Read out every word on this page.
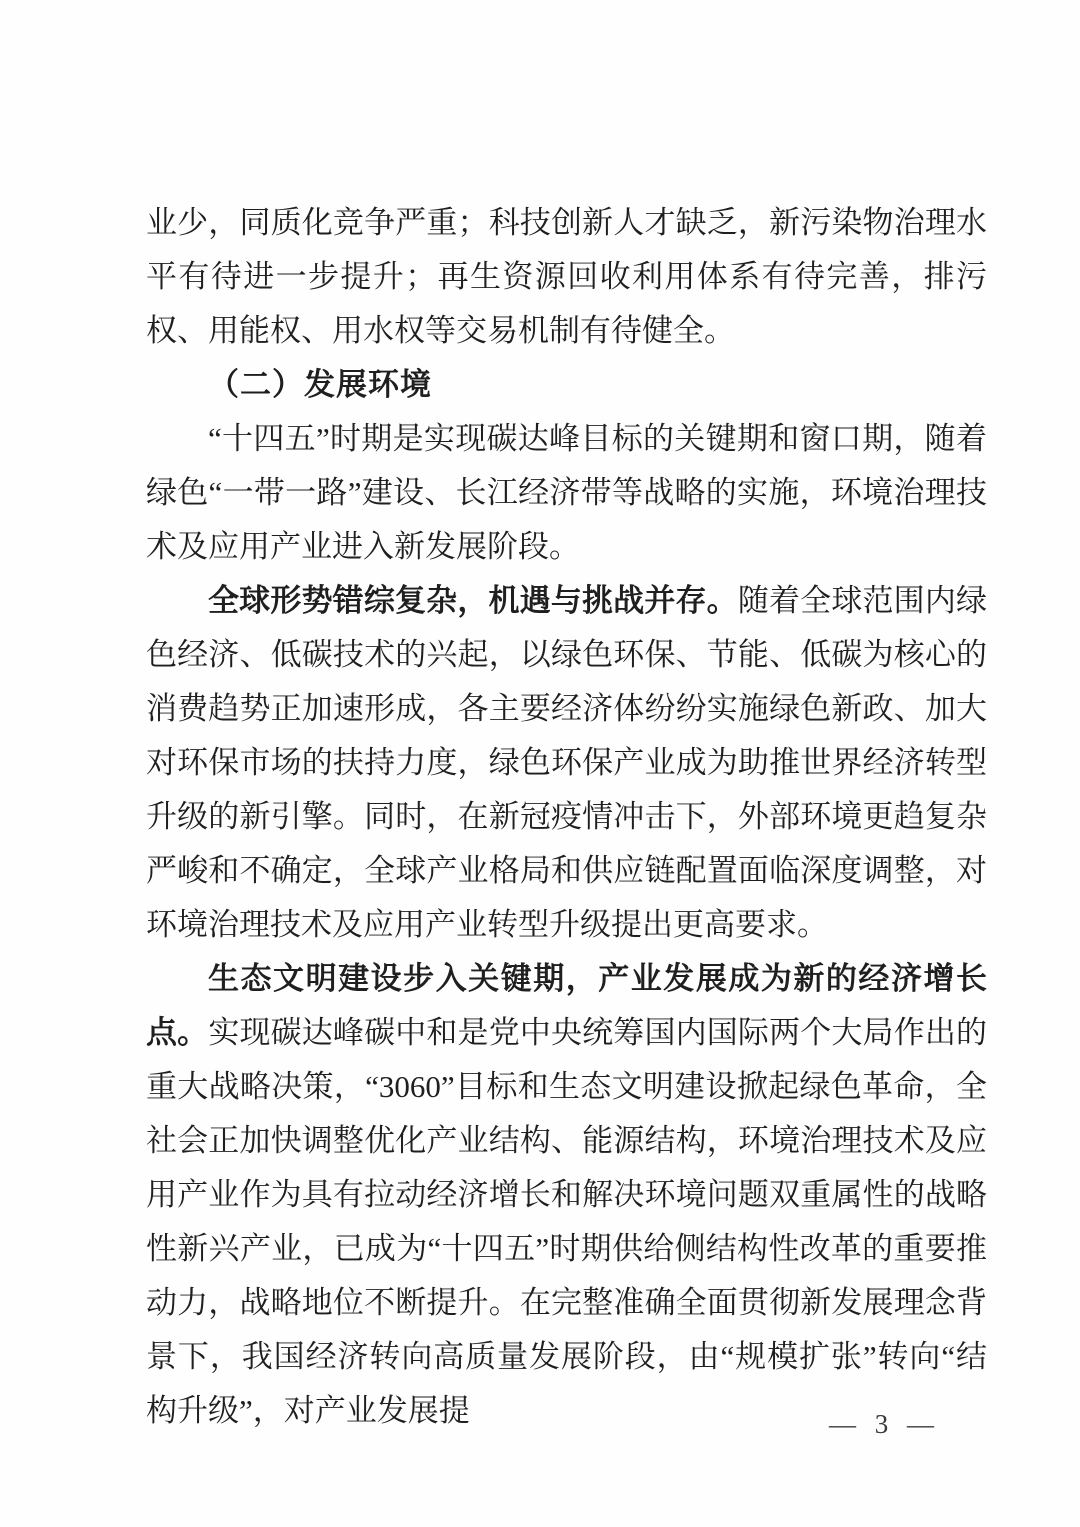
业少，同质化竞争严重；科技创新人才缺乏，新污染物治理水平有待进一步提升；再生资源回收利用体系有待完善，排污权、用能权、用水权等交易机制有待健全。

（二）发展环境

“十四五”时期是实现碳达峰目标的关键期和窗口期，随着绿色“一带一路”建设、长江经济带等战略的实施，环境治理技术及应用产业进入新发展阶段。

全球形势错综复杂，机遇与挑战并存。随着全球范围内绿色经济、低碳技术的兴起，以绿色环保、节能、低碳为核心的消费趋势正加速形成，各主要经济体纷纷实施绿色新政、加大对环保市场的扶持力度，绿色环保产业成为助推世界经济转型升级的新引擎。同时，在新冠疫情冲击下，外部环境更趋复杂严峻和不确定，全球产业格局和供应链配置面临深度调整，对环境治理技术及应用产业转型升级提出更高要求。

生态文明建设步入关键期，产业发展成为新的经济增长点。实现碳达峰碳中和是党中央统筹国内国际两个大局作出的重大战略决策，“3060”目标和生态文明建设掀起绿色革命，全社会正加快调整优化产业结构、能源结构，环境治理技术及应用产业作为具有拉动经济增长和解决环境问题双重属性的战略性新兴产业，已成为“十四五”时期供给侧结构性改革的重要推动力，战略地位不断提升。在完整准确全面贯彻新发展理念背景下，我国经济转向高质量发展阶段，由“规模扩张”转向“结构升级”，对产业发展提	— 3 —
